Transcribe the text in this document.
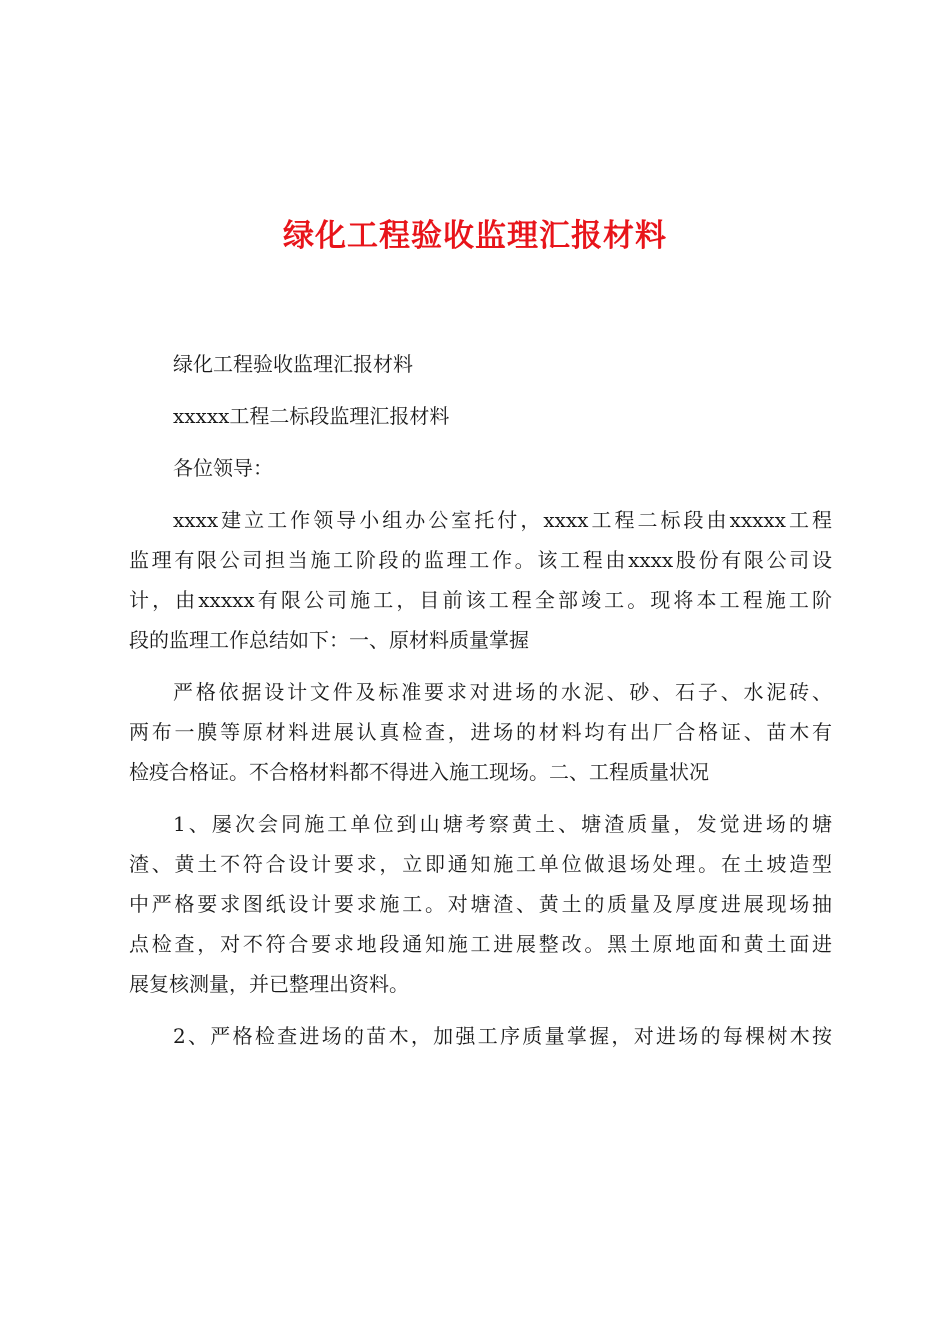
绿化工程验收监理汇报材料

绿化工程验收监理汇报材料

xxxxx工程二标段监理汇报材料

各位领导：

xxxx建立工作领导小组办公室托付，xxxx工程二标段由xxxxx工程

监理有限公司担当施工阶段的监理工作。该工程由xxxx股份有限公司设

计，由xxxxx有限公司施工，目前该工程全部竣工。现将本工程施工阶

段的监理工作总结如下：一、原材料质量掌握

严格依据设计文件及标准要求对进场的水泥、砂、石子、水泥砖、

两布一膜等原材料进展认真检查，进场的材料均有出厂合格证、苗木有

检疫合格证。不合格材料都不得进入施工现场。二、工程质量状况

1、屡次会同施工单位到山塘考察黄土、塘渣质量，发觉进场的塘

渣、黄土不符合设计要求，立即通知施工单位做退场处理。在土坡造型

中严格要求图纸设计要求施工。对塘渣、黄土的质量及厚度进展现场抽

点检查，对不符合要求地段通知施工进展整改。黑土原地面和黄土面进

展复核测量，并已整理出资料。

2、严格检查进场的苗木，加强工序质量掌握，对进场的每棵树木按
